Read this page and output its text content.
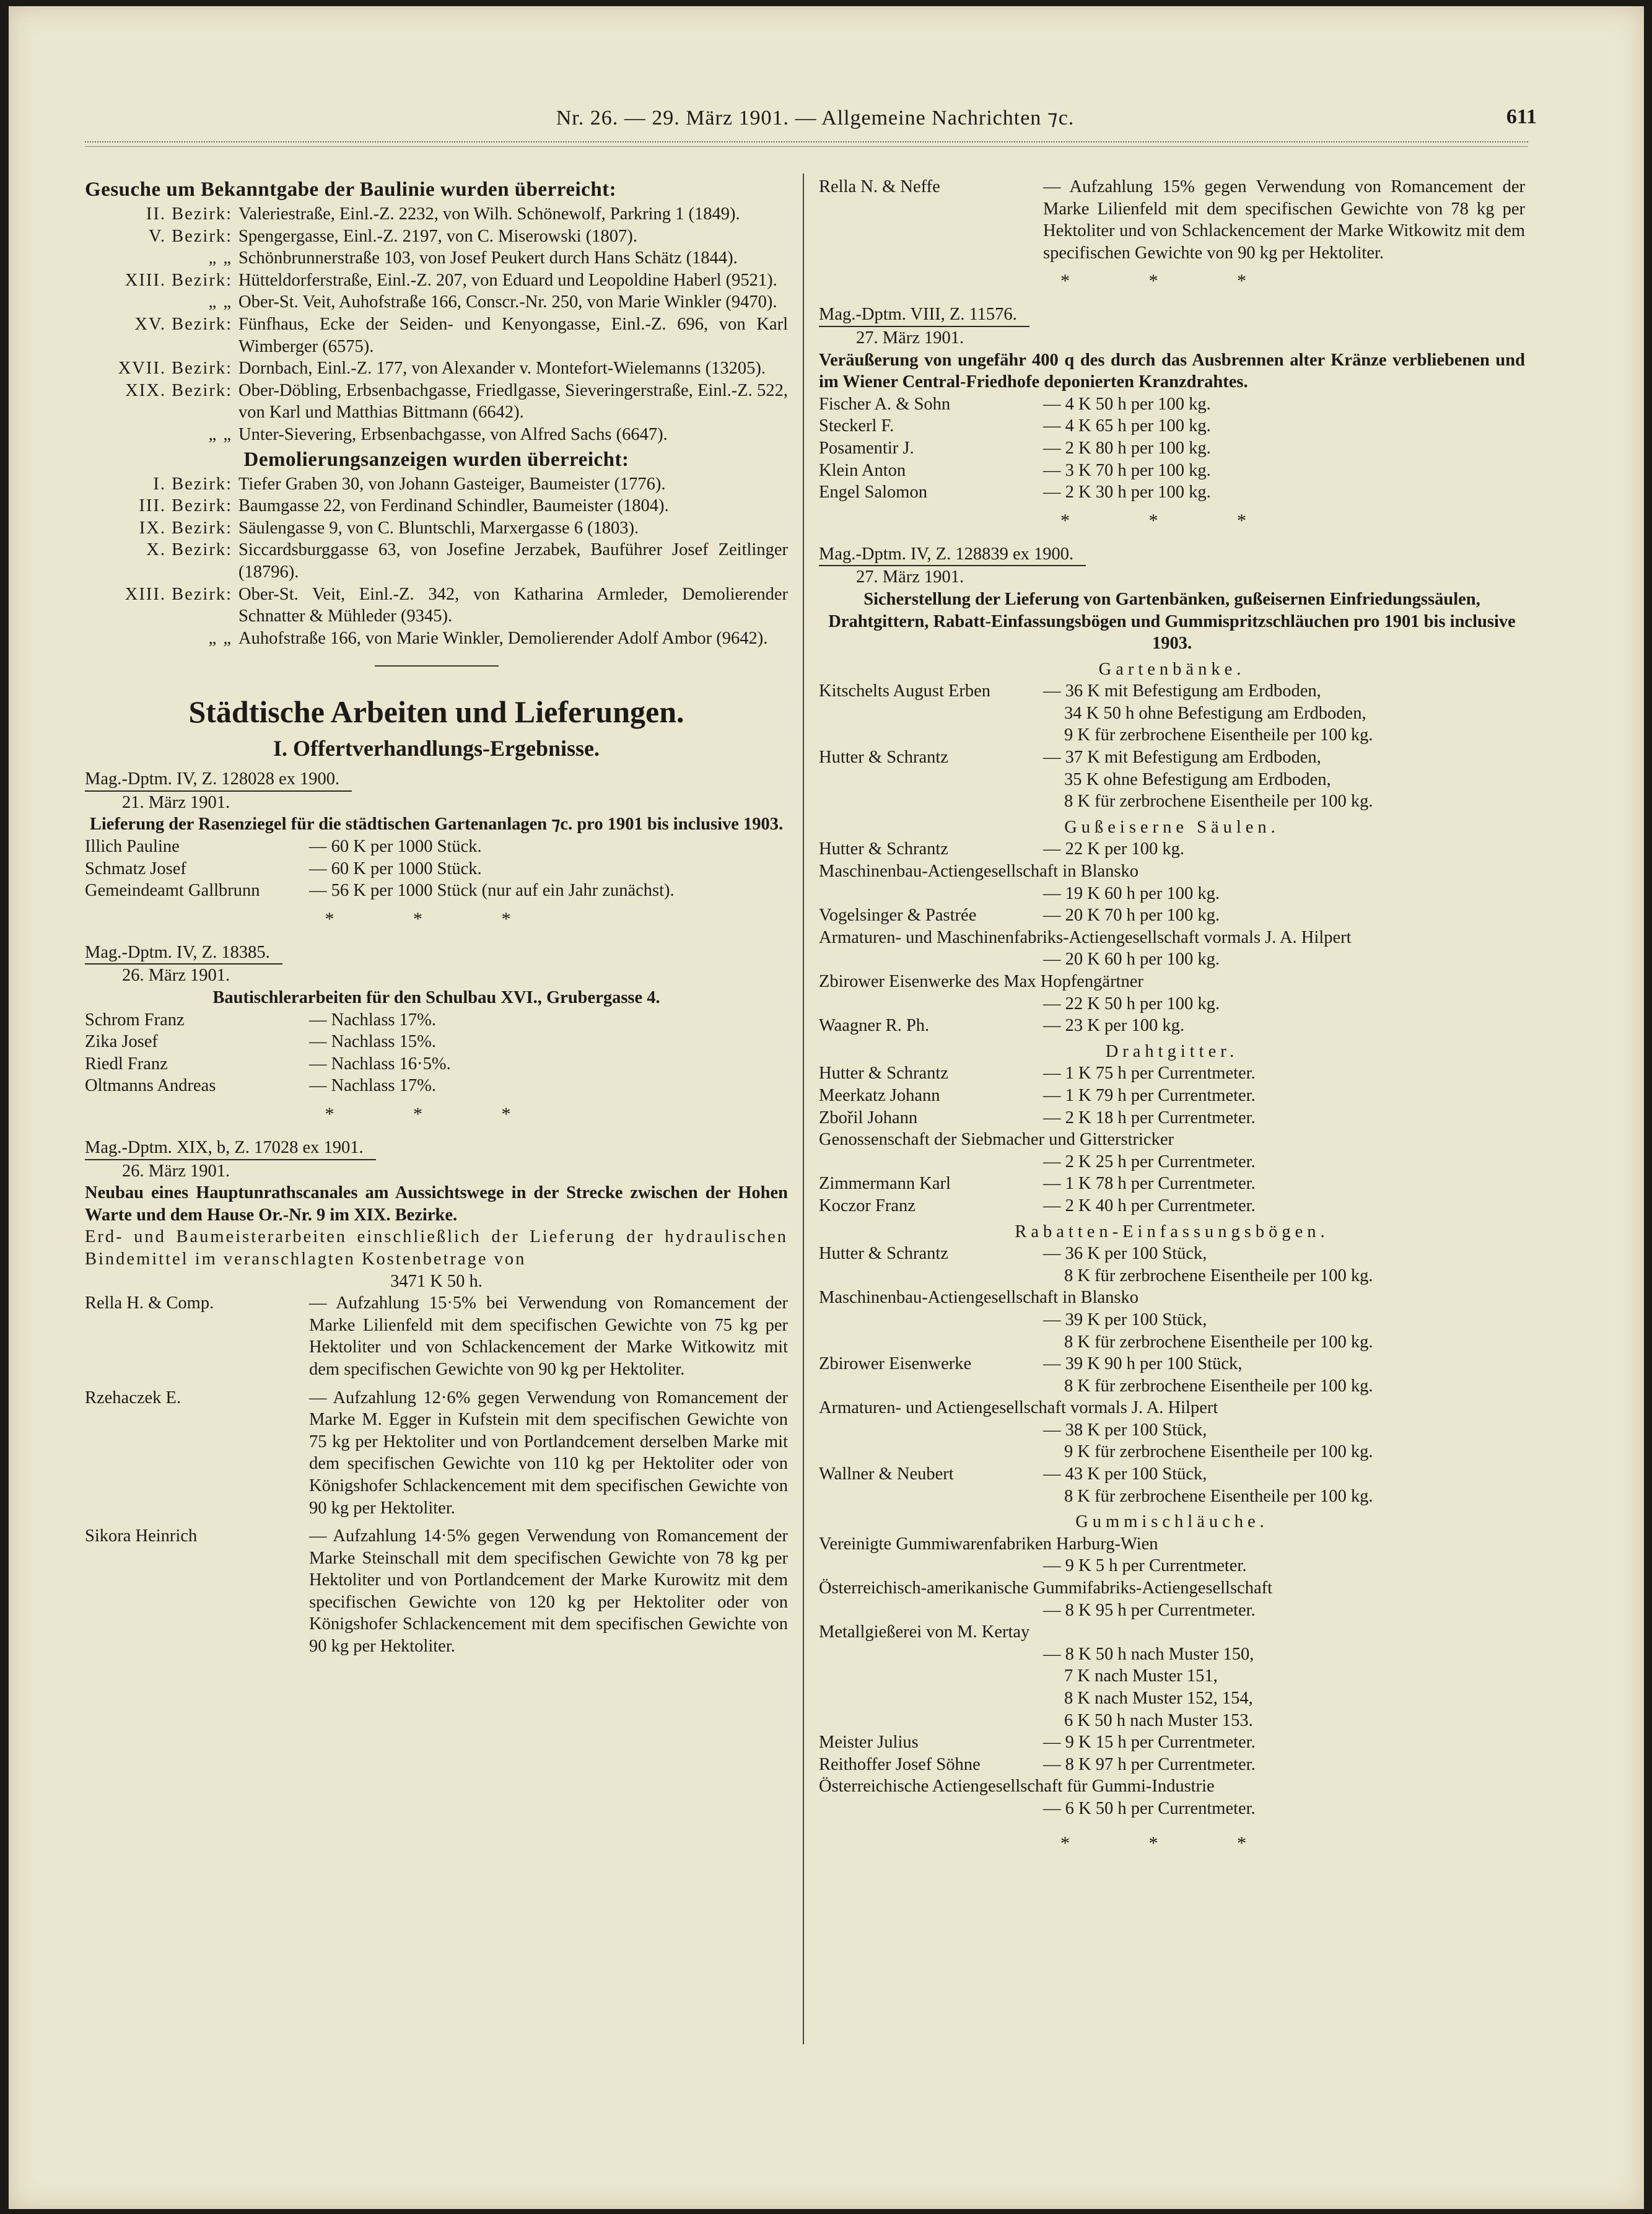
Nr. 26. — 29. März 1901. — Allgemeine Nachrichten ⁊c.	611
Gesuche um Bekanntgabe der Baulinie wurden überreicht:
II. Bezirk: Valeriestraße, Einl.-Z. 2232, von Wilh. Schönewolf, Parkring 1 (1849).
V. Bezirk: Spengergasse, Einl.-Z. 2197, von C. Miserowski (1807).
„ „ Schönbrunnerstraße 103, von Josef Peukert durch Hans Schätz (1844).
XIII. Bezirk: Hütteldorferstraße, Einl.-Z. 207, von Eduard und Leopoldine Haberl (9521).
„ „ Ober-St. Veit, Auhofstraße 166, Conscr.-Nr. 250, von Marie Winkler (9470).
XV. Bezirk: Fünfhaus, Ecke der Seiden- und Kenyongasse, Einl.-Z. 696, von Karl Wimberger (6575).
XVII. Bezirk: Dornbach, Einl.-Z. 177, von Alexander v. Montefort-Wielemanns (13205).
XIX. Bezirk: Ober-Döbling, Erbsenbachgasse, Friedlgasse, Sieveringerstraße, Einl.-Z. 522, von Karl und Matthias Bittmann (6642).
„ „ Unter-Sievering, Erbsenbachgasse, von Alfred Sachs (6647).
Demolierungsanzeigen wurden überreicht:
I. Bezirk: Tiefer Graben 30, von Johann Gasteiger, Baumeister (1776).
III. Bezirk: Baumgasse 22, von Ferdinand Schindler, Baumeister (1804).
IX. Bezirk: Säulengasse 9, von C. Bluntschli, Marxergasse 6 (1803).
X. Bezirk: Siccardsburggasse 63, von Josefine Jerzabek, Bauführer Josef Zeitlinger (18796).
XIII. Bezirk: Ober-St. Veit, Einl.-Z. 342, von Katharina Armleder, Demolierender Schnatter & Mühleder (9345).
„ „ Auhofstraße 166, von Marie Winkler, Demolierender Adolf Ambor (9642).
Städtische Arbeiten und Lieferungen.
I. Offertverhandlungs-Ergebnisse.
Mag.-Dptm. IV, Z. 128028 ex 1900.
21. März 1901.
Lieferung der Rasenziegel für die städtischen Gartenanlagen ⁊c. pro 1901 bis inclusive 1903.
Illich Pauline	— 60 K per 1000 Stück.
Schmatz Josef	— 60 K per 1000 Stück.
Gemeindeamt Gallbrunn	— 56 K per 1000 Stück (nur auf ein Jahr zunächst).
* * *
Mag.-Dptm. IV, Z. 18385.
26. März 1901.
Bautischlerarbeiten für den Schulbau XVI., Grubergasse 4.
Schrom Franz	— Nachlass 17%.
Zika Josef	— Nachlass 15%.
Riedl Franz	— Nachlass 16·5%.
Oltmanns Andreas	— Nachlass 17%.
* * *
Mag.-Dptm. XIX, b, Z. 17028 ex 1901.
26. März 1901.
Neubau eines Hauptunrathscanales am Aussichtswege in der Strecke zwischen der Hohen Warte und dem Hause Or.-Nr. 9 im XIX. Bezirke.
Erd- und Baumeisterarbeiten einschließlich der Lieferung der hydraulischen Bindemittel im veranschlagten Kostenbetrage von
3471 K 50 h.
Rella H. & Comp.	— Aufzahlung 15·5% bei Verwendung von Romancement der Marke Lilienfeld mit dem specifischen Gewichte von 75 kg per Hektoliter und von Schlackencement der Marke Witkowitz mit dem specifischen Gewichte von 90 kg per Hektoliter.
Rzehaczek E.	— Aufzahlung 12·6% gegen Verwendung von Romancement der Marke M. Egger in Kufstein mit dem specifischen Gewichte von 75 kg per Hektoliter und von Portlandcement derselben Marke mit dem specifischen Gewichte von 110 kg per Hektoliter oder von Königshofer Schlackencement mit dem specifischen Gewichte von 90 kg per Hektoliter.
Sikora Heinrich	— Aufzahlung 14·5% gegen Verwendung von Romancement der Marke Steinschall mit dem specifischen Gewichte von 78 kg per Hektoliter und von Portlandcement der Marke Kurowitz mit dem specifischen Gewichte von 120 kg per Hektoliter oder von Königshofer Schlackencement mit dem specifischen Gewichte von 90 kg per Hektoliter.
Rella N. & Neffe	— Aufzahlung 15% gegen Verwendung von Romancement der Marke Lilienfeld mit dem specifischen Gewichte von 78 kg per Hektoliter und von Schlackencement der Marke Witkowitz mit dem specifischen Gewichte von 90 kg per Hektoliter.
* * *
Mag.-Dptm. VIII, Z. 11576.
27. März 1901.
Veräußerung von ungefähr 400 q des durch das Ausbrennen alter Kränze verbliebenen und im Wiener Central-Friedhofe deponierten Kranzdrahtes.
Fischer A. & Sohn	— 4 K 50 h per 100 kg.
Steckerl F.	— 4 K 65 h per 100 kg.
Posamentir J.	— 2 K 80 h per 100 kg.
Klein Anton	— 3 K 70 h per 100 kg.
Engel Salomon	— 2 K 30 h per 100 kg.
* * *
Mag.-Dptm. IV, Z. 128839 ex 1900.
27. März 1901.
Sicherstellung der Lieferung von Gartenbänken, gußeisernen Einfriedungssäulen, Drahtgittern, Rabatt-Einfassungsbögen und Gummispritzschläuchen pro 1901 bis inclusive 1903.
Gartenbänke.
Kitschelts August Erben	— 36 K mit Befestigung am Erdboden,
34 K 50 h ohne Befestigung am Erdboden,
9 K für zerbrochene Eisentheile per 100 kg.
Hutter & Schrantz	— 37 K mit Befestigung am Erdboden,
35 K ohne Befestigung am Erdboden,
8 K für zerbrochene Eisentheile per 100 kg.
Gußeiserne Säulen.
Hutter & Schrantz	— 22 K per 100 kg.
Maschinenbau-Actiengesellschaft in Blansko
— 19 K 60 h per 100 kg.
Vogelsinger & Pastrée	— 20 K 70 h per 100 kg.
Armaturen- und Maschinenfabriks-Actiengesellschaft vormals J. A. Hilpert
— 20 K 60 h per 100 kg.
Zbirower Eisenwerke des Max Hopfengärtner
— 22 K 50 h per 100 kg.
Waagner R. Ph.	— 23 K per 100 kg.
Drahtgitter.
Hutter & Schrantz	— 1 K 75 h per Currentmeter.
Meerkatz Johann	— 1 K 79 h per Currentmeter.
Zbořil Johann	— 2 K 18 h per Currentmeter.
Genossenschaft der Siebmacher und Gitterstricker
— 2 K 25 h per Currentmeter.
Zimmermann Karl	— 1 K 78 h per Currentmeter.
Koczor Franz	— 2 K 40 h per Currentmeter.
Rabatten-Einfassungsbögen.
Hutter & Schrantz	— 36 K per 100 Stück,
8 K für zerbrochene Eisentheile per 100 kg.
Maschinenbau-Actiengesellschaft in Blansko
— 39 K per 100 Stück,
8 K für zerbrochene Eisentheile per 100 kg.
Zbirower Eisenwerke	— 39 K 90 h per 100 Stück,
8 K für zerbrochene Eisentheile per 100 kg.
Armaturen- und Actiengesellschaft vormals J. A. Hilpert
— 38 K per 100 Stück,
9 K für zerbrochene Eisentheile per 100 kg.
Wallner & Neubert	— 43 K per 100 Stück,
8 K für zerbrochene Eisentheile per 100 kg.
Gummischläuche.
Vereinigte Gummiwarenfabriken Harburg-Wien
— 9 K 5 h per Currentmeter.
Österreichisch-amerikanische Gummifabriks-Actiengesellschaft
— 8 K 95 h per Currentmeter.
Metallgießerei von M. Kertay
— 8 K 50 h nach Muster 150,
7 K nach Muster 151,
8 K nach Muster 152, 154,
6 K 50 h nach Muster 153.
Meister Julius	— 9 K 15 h per Currentmeter.
Reithoffer Josef Söhne	— 8 K 97 h per Currentmeter.
Österreichische Actiengesellschaft für Gummi-Industrie
— 6 K 50 h per Currentmeter.
* * *
